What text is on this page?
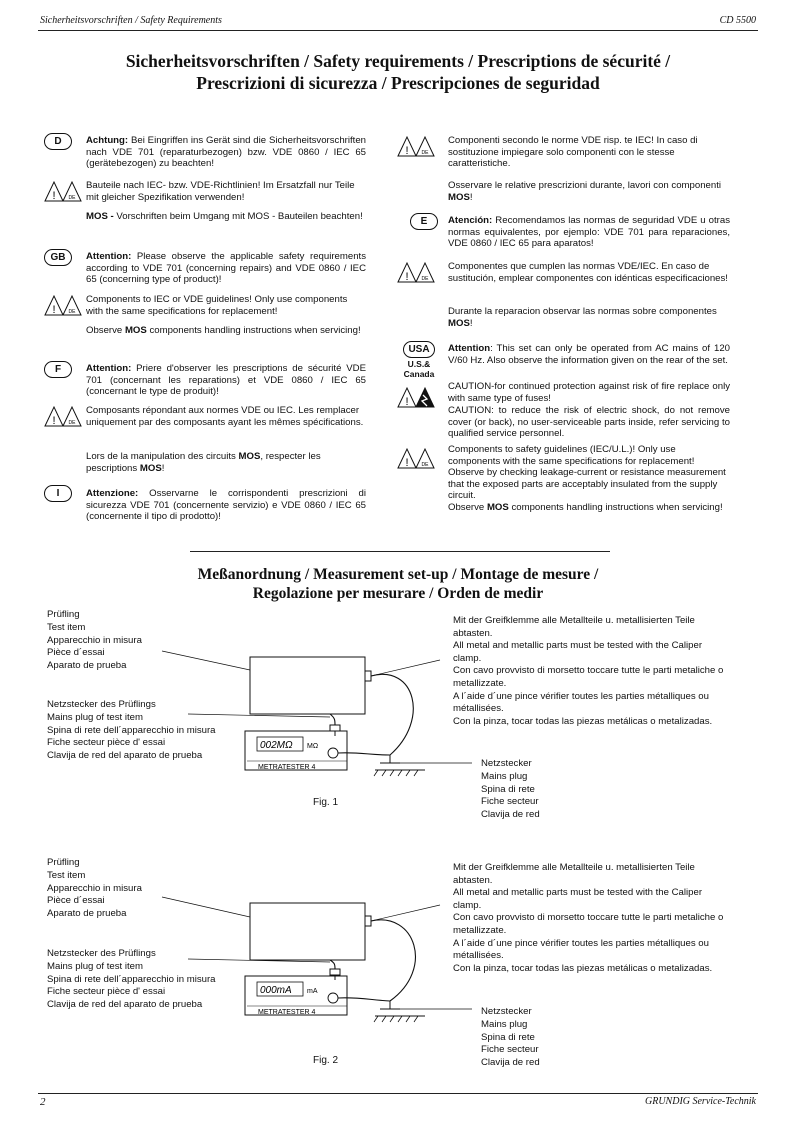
Sicherheitsvorschriften / Safety Requirements	CD 5500
Sicherheitsvorschriften / Safety requirements / Prescriptions de sécurité /
Prescrizioni di sicurezza / Prescripciones de seguridad
D	Achtung: Bei Eingriffen ins Gerät sind die Sicherheitsvorschriften nach VDE 701 (reparaturbezogen) bzw. VDE 0860 / IEC 65 (gerätebezogen) zu beachten!
!	DE
Bauteile nach IEC- bzw. VDE-Richtlinien! Im Ersatzfall nur Teile mit gleicher Spezifikation verwenden!
MOS - Vorschriften beim Umgang mit MOS - Bauteilen beachten!
GB	Attention: Please observe the applicable safety requirements according to VDE 701 (concerning repairs) and VDE 0860 / IEC 65 (concerning type of product)!
!	DE
Components to IEC or VDE guidelines! Only use components with the same specifications for replacement!
Observe MOS components handling instructions when servicing!
F	Attention: Priere d'observer les prescriptions de sécurité VDE 701 (concernant les reparations) et VDE 0860 / IEC 65 (concernant le type de produit)!
!	DE
Composants répondant aux normes VDE ou IEC. Les remplacer uniquement par des composants ayant les mêmes spécifications.
Lors de la manipulation des circuits MOS, respecter les pescriptions MOS!
I	Attenzione: Osservarne le corrispondenti prescrizioni di sicurezza VDE 701 (concernente servizio) e VDE 0860 / IEC 65 (concernente il tipo di prodotto)!
!	DE
Componenti secondo le norme VDE risp. te IEC! In caso di sostituzione impiegare solo componenti con le stesse caratteristiche.
Osservare le relative prescrizioni durante, lavori con componenti MOS!
E	Atención: Recomendamos las normas de seguridad VDE u otras normas equivalentes, por ejemplo: VDE 701 para reparaciones, VDE 0860 / IEC 65 para aparatos!
!	DE
Componentes que cumplen las normas VDE/IEC. En caso de sustitución, emplear componentes con idénticas especificaciones!
Durante la reparacion observar las normas sobre componentes MOS!
USA
U.S.&
Canada
Attention: This set can only be operated from AC mains of 120 V/60 Hz. Also observe the information given on the rear of the set.
!
CAUTION-for continued protection against risk of fire replace only with same type of fuses!
CAUTION: to reduce the risk of electric shock, do not remove cover (or back), no user-serviceable parts inside, refer servicing to qualified service personnel.
!	DE
Components to safety guidelines (IEC/U.L.)! Only use components with the same specifications for replacement!
Observe by checking leakage-current or resistance measurement that the exposed parts are acceptably insulated from the supply circuit.
Observe MOS components handling instructions when servicing!
Meßanordnung / Measurement set-up / Montage de mesure /
Regolazione per mesurare / Orden de medir
Prüfling
Test item
Apparecchio in misura
Pièce d´essai
Aparato de prueba
Netzstecker des Prüflings
Mains plug of test item
Spina di rete dell´apparecchio in misura
Fiche secteur pièce d' essai
Clavija de red del aparato de prueba
Mit der Greifklemme alle Metallteile u. metallisierten Teile abtasten.
All metal and metallic parts must be tested with the Caliper clamp.
Con cavo provvisto di morsetto toccare tutte le parti metaliche o metallizzate.
A l´aide d´une pince vérifier toutes les parties métalliques ou métallisées.
Con la pinza, tocar todas las piezas metálicas o metalizadas.
Netzstecker
Mains plug
Spina di rete
Fiche secteur
Clavija de red
002MΩ MΩ
METRATESTER 4
Fig. 1
Prüfling
Test item
Apparecchio in misura
Pièce d´essai
Aparato de prueba
Netzstecker des Prüflings
Mains plug of test item
Spina di rete dell´apparecchio in misura
Fiche secteur pièce d' essai
Clavija de red del aparato de prueba
Mit der Greifklemme alle Metallteile u. metallisierten Teile abtasten.
All metal and metallic parts must be tested with the Caliper clamp.
Con cavo provvisto di morsetto toccare tutte le parti metaliche o metallizzate.
A l´aide d´une pince vérifier toutes les parties métalliques ou métallisées.
Con la pinza, tocar todas las piezas metálicas o metalizadas.
Netzstecker
Mains plug
Spina di rete
Fiche secteur
Clavija de red
000mA mA
METRATESTER 4
Fig. 2
2	GRUNDIG Service-Technik
